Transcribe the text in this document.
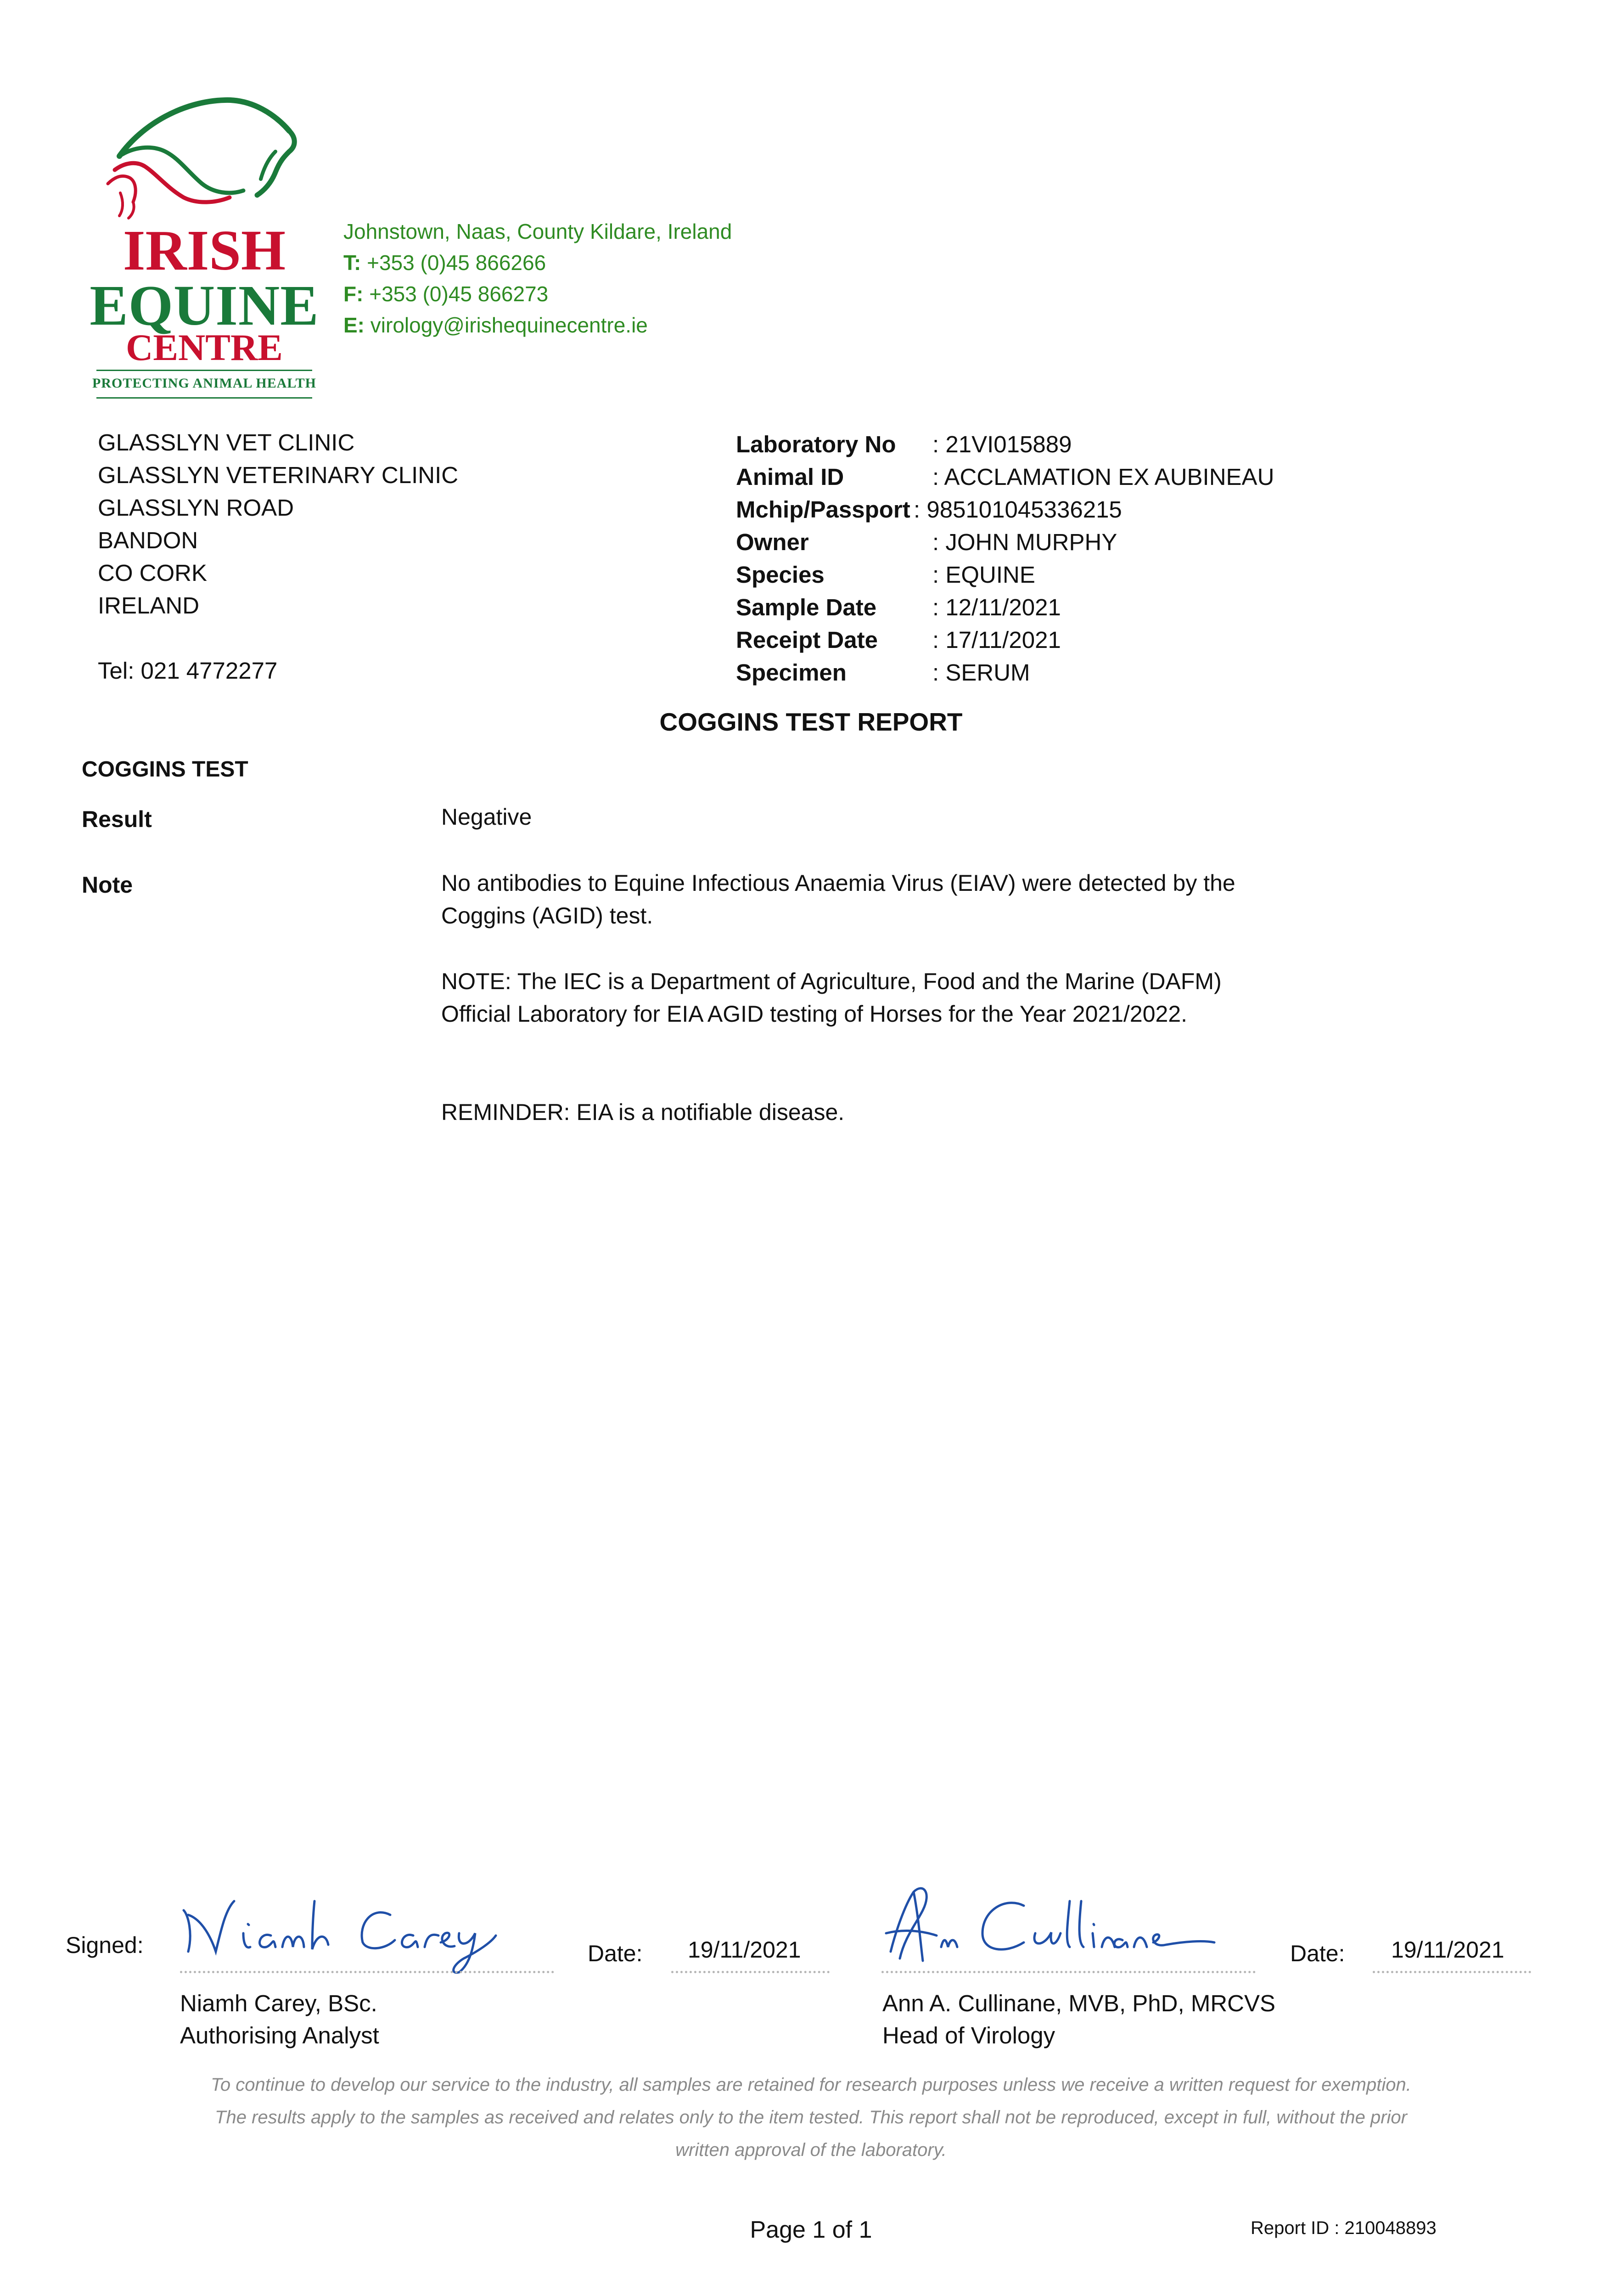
IRISH
EQUINE
CENTRE
PROTECTING ANIMAL HEALTH
Johnstown, Naas, County Kildare, Ireland
T: +353 (0)45 866266
F: +353 (0)45 866273
E: virology@irishequinecentre.ie
GLASSLYN VET CLINIC
GLASSLYN VETERINARY CLINIC
GLASSLYN ROAD
BANDON
CO CORK
IRELAND
Tel: 021 4772277
Laboratory No : 21VI015889
Animal ID	: ACCLAMATION EX AUBINEAU
Mchip/Passport : 985101045336215
Owner	: JOHN MURPHY
Species	: EQUINE
Sample Date : 12/11/2021
Receipt Date : 17/11/2021
Specimen	: SERUM
COGGINS TEST REPORT
COGGINS TEST
Result	Negative
Note	No antibodies to Equine Infectious Anaemia Virus (EIAV) were detected by the Coggins (AGID) test.
NOTE: The IEC is a Department of Agriculture, Food and the Marine (DAFM) Official Laboratory for EIA AGID testing of Horses for the Year 2021/2022.
REMINDER: EIA is a notifiable disease.
Signed:	Date: 19/11/2021
Niamh Carey, BSc.
Authorising Analyst
Date: 19/11/2021
Ann A. Cullinane, MVB, PhD, MRCVS
Head of Virology
To continue to develop our service to the industry, all samples are retained for research purposes unless we receive a written request for exemption.
The results apply to the samples as received and relates only to the item tested. This report shall not be reproduced, except in full, without the prior
written approval of the laboratory.
Page 1 of 1	Report ID : 210048893
